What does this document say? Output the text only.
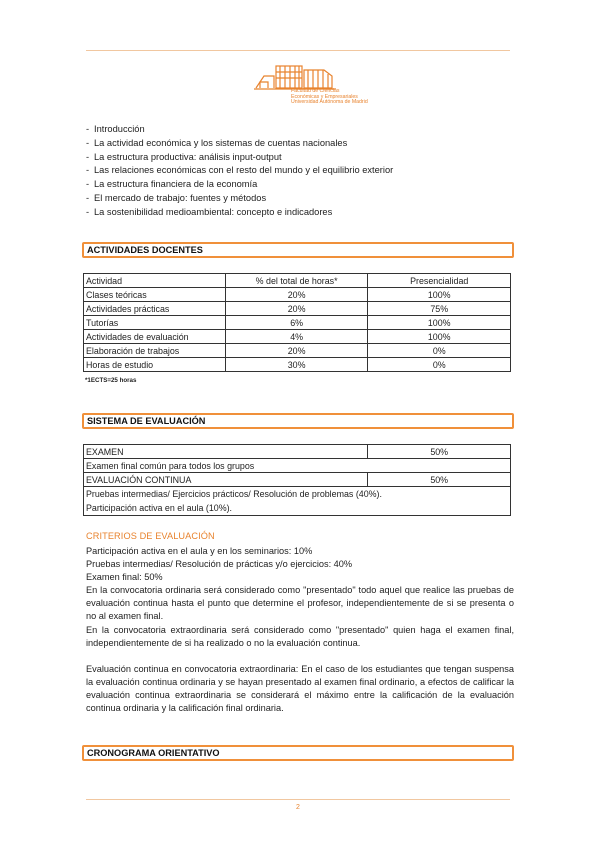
Facultad de Ciencias
Económicas y Empresariales
Universidad Autónoma de Madrid
- Introducción
- La actividad económica y los sistemas de cuentas nacionales
- La estructura productiva: análisis input-output
- Las relaciones económicas con el resto del mundo y el equilibrio exterior
- La estructura financiera de la economía
- El mercado de trabajo: fuentes y métodos
- La sostenibilidad medioambiental: concepto e indicadores
ACTIVIDADES DOCENTES
Actividad	% del total de horas*	Presencialidad
Clases teóricas	20%	100%
Actividades prácticas	20%	75%
Tutorías	6%	100%
Actividades de evaluación	4%	100%
Elaboración de trabajos	20%	0%
Horas de estudio	30%	0%
*1ECTS=25 horas
SISTEMA DE EVALUACIÓN
EXAMEN	50%
Examen final común para todos los grupos	
EVALUACIÓN CONTINUA	50%

Pruebas intermedias/ Ejercicios prácticos/ Resolución de problemas (40%).
Participación activa en el aula (10%).	
CRITERIOS DE EVALUACIÓN

Participación activa en el aula y en los seminarios: 10%

Pruebas intermedias/ Resolución de prácticas y/o ejercicios: 40%

Examen final: 50%

En la convocatoria ordinaria será considerado como "presentado" todo aquel que realice las pruebas de evaluación continua hasta el punto que determine el profesor, independientemente de si se presenta o no al examen final.

En la convocatoria extraordinaria será considerado como "presentado" quien haga el examen final, independientemente de si ha realizado o no la evaluación continua.

Evaluación continua en convocatoria extraordinaria: En el caso de los estudiantes que tengan suspensa la evaluación continua ordinaria y se hayan presentado al examen final ordinario, a efectos de calificar la evaluación continua extraordinaria se considerará el máximo entre la calificación de la evaluación continua ordinaria y la calificación final ordinaria.

CRONOGRAMA ORIENTATIVO
2
